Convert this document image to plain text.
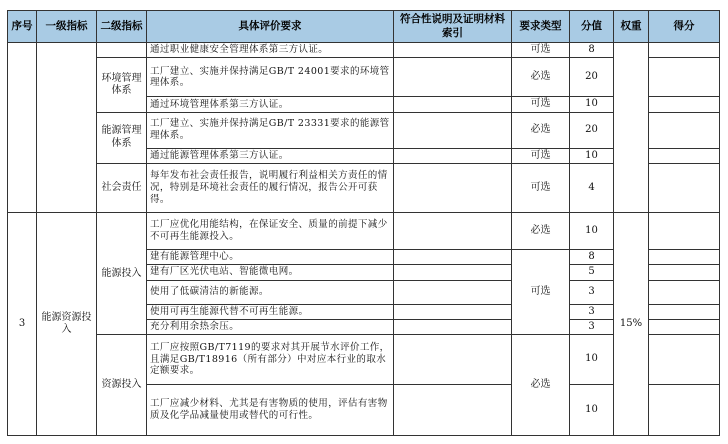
序号	一级指标	二级指标	具体评价要求	符合性说明及证明材料索引	要求类型	分值	权重	得分
			通过职业健康安全管理体系第三方认证。		可选	8		
		环境管理体系	工厂建立、实施并保持满足GB/T 24001要求的环境管理体系。		必选	20		
			通过环境管理体系第三方认证。		可选	10		
		能源管理体系	工厂建立、实施并保持满足GB/T 23331要求的能源管理体系。		必选	20		
			通过能源管理体系第三方认证。		可选	10		
		社会责任	每年发布社会责任报告，说明履行利益相关方责任的情况，特别是环境社会责任的履行情况，报告公开可获得。		可选	4		
3	能源资源投入	能源投入	工厂应优化用能结构，在保证安全、质量的前提下减少不可再生能源投入。		必选	10	15%	
			建有能源管理中心。		可选	8		
			建有厂区光伏电站、智能微电网。			5		
			使用了低碳清洁的新能源。			3		
			使用可再生能源代替不可再生能源。			3		
			充分利用余热余压。			3		
		资源投入	工厂应按照GB/T7119的要求对其开展节水评价工作，且满足GB/T18916（所有部分）中对应本行业的取水定额要求。		必选	10		
			工厂应减少材料、尤其是有害物质的使用，评估有害物质及化学品减量使用或替代的可行性。			10		
